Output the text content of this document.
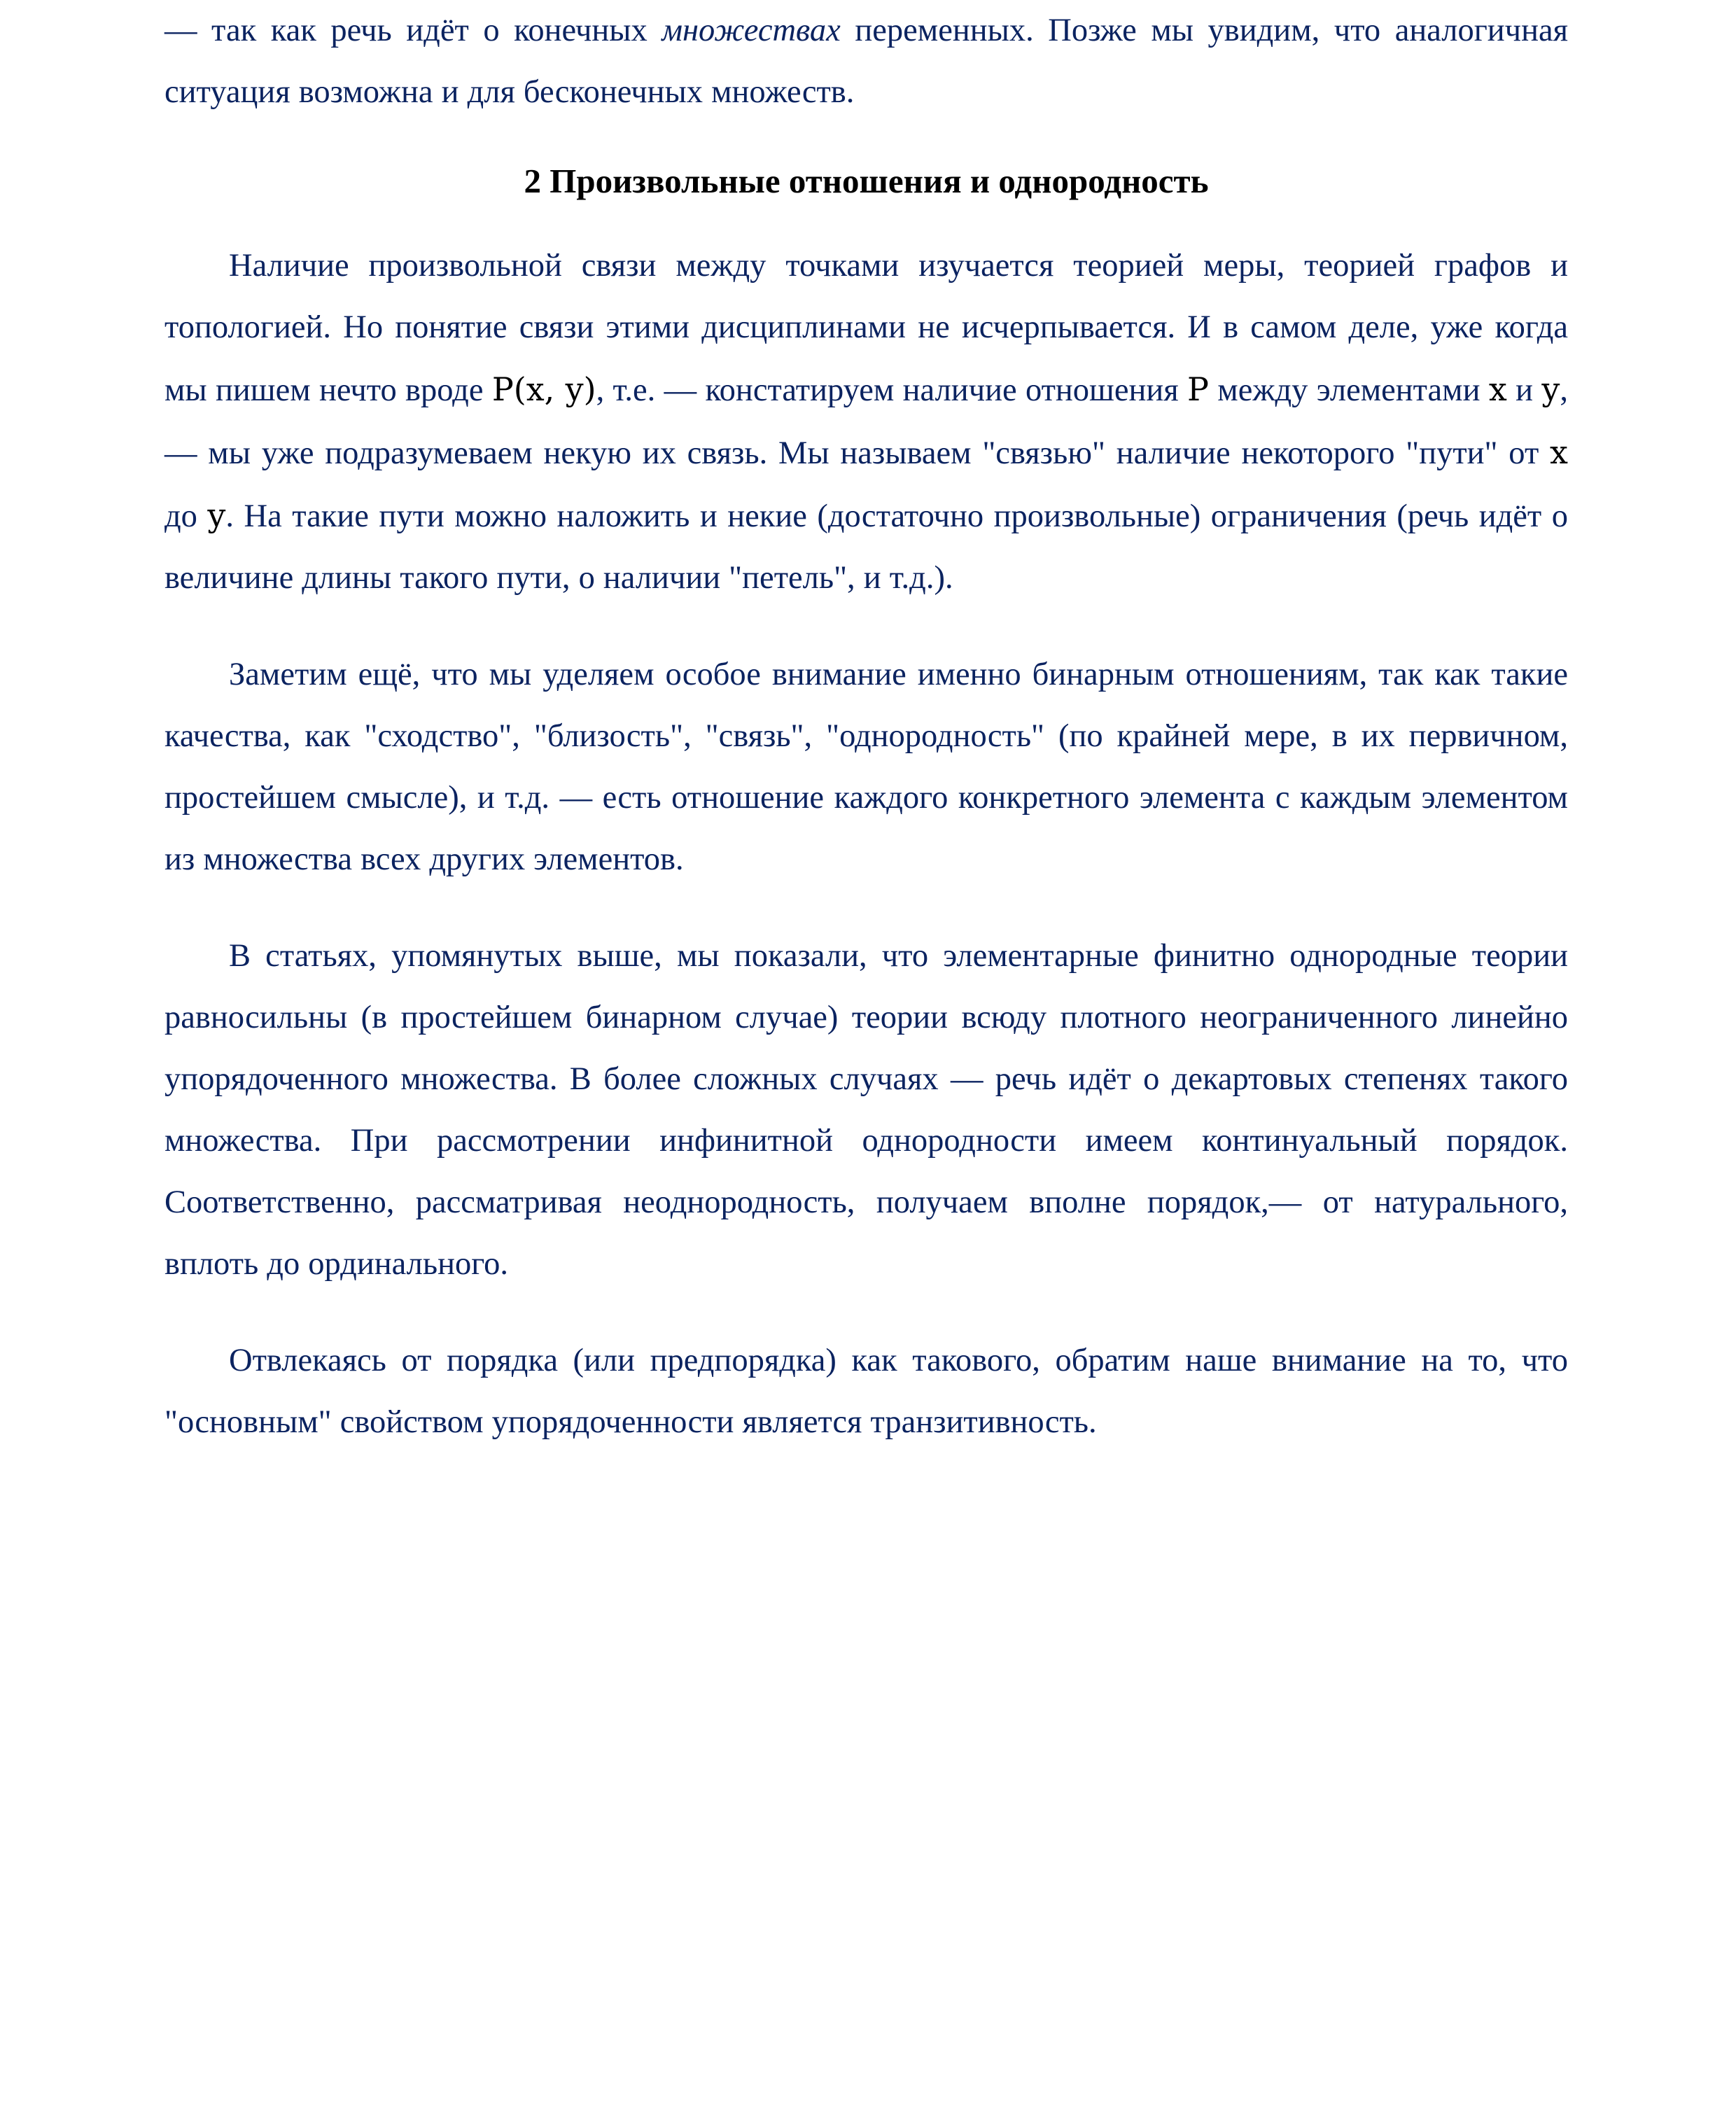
— так как речь идёт о конечных множествах переменных. Позже мы увидим, что аналогичная ситуация возможна и для бесконечных множеств.

2 Произвольные отношения и однородность

Наличие произвольной связи между точками изучается теорией меры, теорией графов и топологией. Но понятие связи этими дисциплинами не исчерпывается. И в самом деле, уже когда мы пишем нечто вроде P(x, y), т.е. — констатируем наличие отношения P между элементами x и y,— мы уже подразумеваем некую их связь. Мы называем "связью" наличие некоторого "пути" от x до y. На такие пути можно наложить и некие (достаточно произвольные) ограничения (речь идёт о величине длины такого пути, о наличии "петель", и т.д.).

Заметим ещё, что мы уделяем особое внимание именно бинарным отношениям, так как такие качества, как "сходство", "близость", "связь", "однородность" (по крайней мере, в их первичном, простейшем смысле), и т.д. — есть отношение каждого конкретного элемента с каждым элементом из множества всех других элементов.

В статьях, упомянутых выше, мы показали, что элементарные финитно однородные теории равносильны (в простейшем бинарном случае) теории всюду плотного неограниченного линейно упорядоченного множества. В более сложных случаях — речь идёт о декартовых степенях такого множества. При рассмотрении инфинитной однородности имеем континуальный порядок. Соответственно, рассматривая неоднородность, получаем вполне порядок,— от натурального, вплоть до ординального.

Отвлекаясь от порядка (или предпорядка) как такового, обратим наше внимание на то, что "основным" свойством упорядоченности является транзитивность.
